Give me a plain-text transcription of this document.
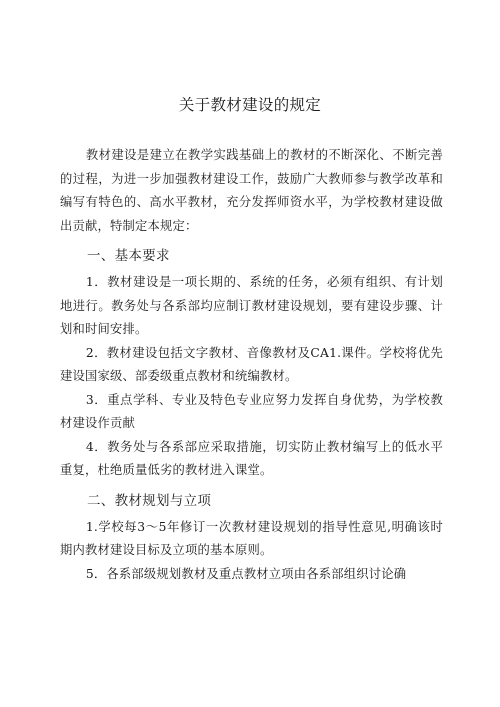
关于教材建设的规定

教材建设是建立在教学实践基础上的教材的不断深化、不断完善的过程，为进一步加强教材建设工作，鼓励广大教师参与教学改革和编写有特色的、高水平教材，充分发挥师资水平，为学校教材建设做出贡献，特制定本规定：

一、基本要求

1．教材建设是一项长期的、系统的任务，必须有组织、有计划地进行。教务处与各系部均应制订教材建设规划，要有建设步骤、计划和时间安排。

2．教材建设包括文字教材、音像教材及CA1.课件。学校将优先建设国家级、部委级重点教材和统编教材。

3．重点学科、专业及特色专业应努力发挥自身优势，为学校教材建设作贡献

4．教务处与各系部应采取措施，切实防止教材编写上的低水平重复，杜绝质量低劣的教材进入课堂。

二、教材规划与立项

1.学校每3～5年修订一次教材建设规划的指导性意见,明确该时期内教材建设目标及立项的基本原则。

5．各系部级规划教材及重点教材立项由各系部组织讨论确
